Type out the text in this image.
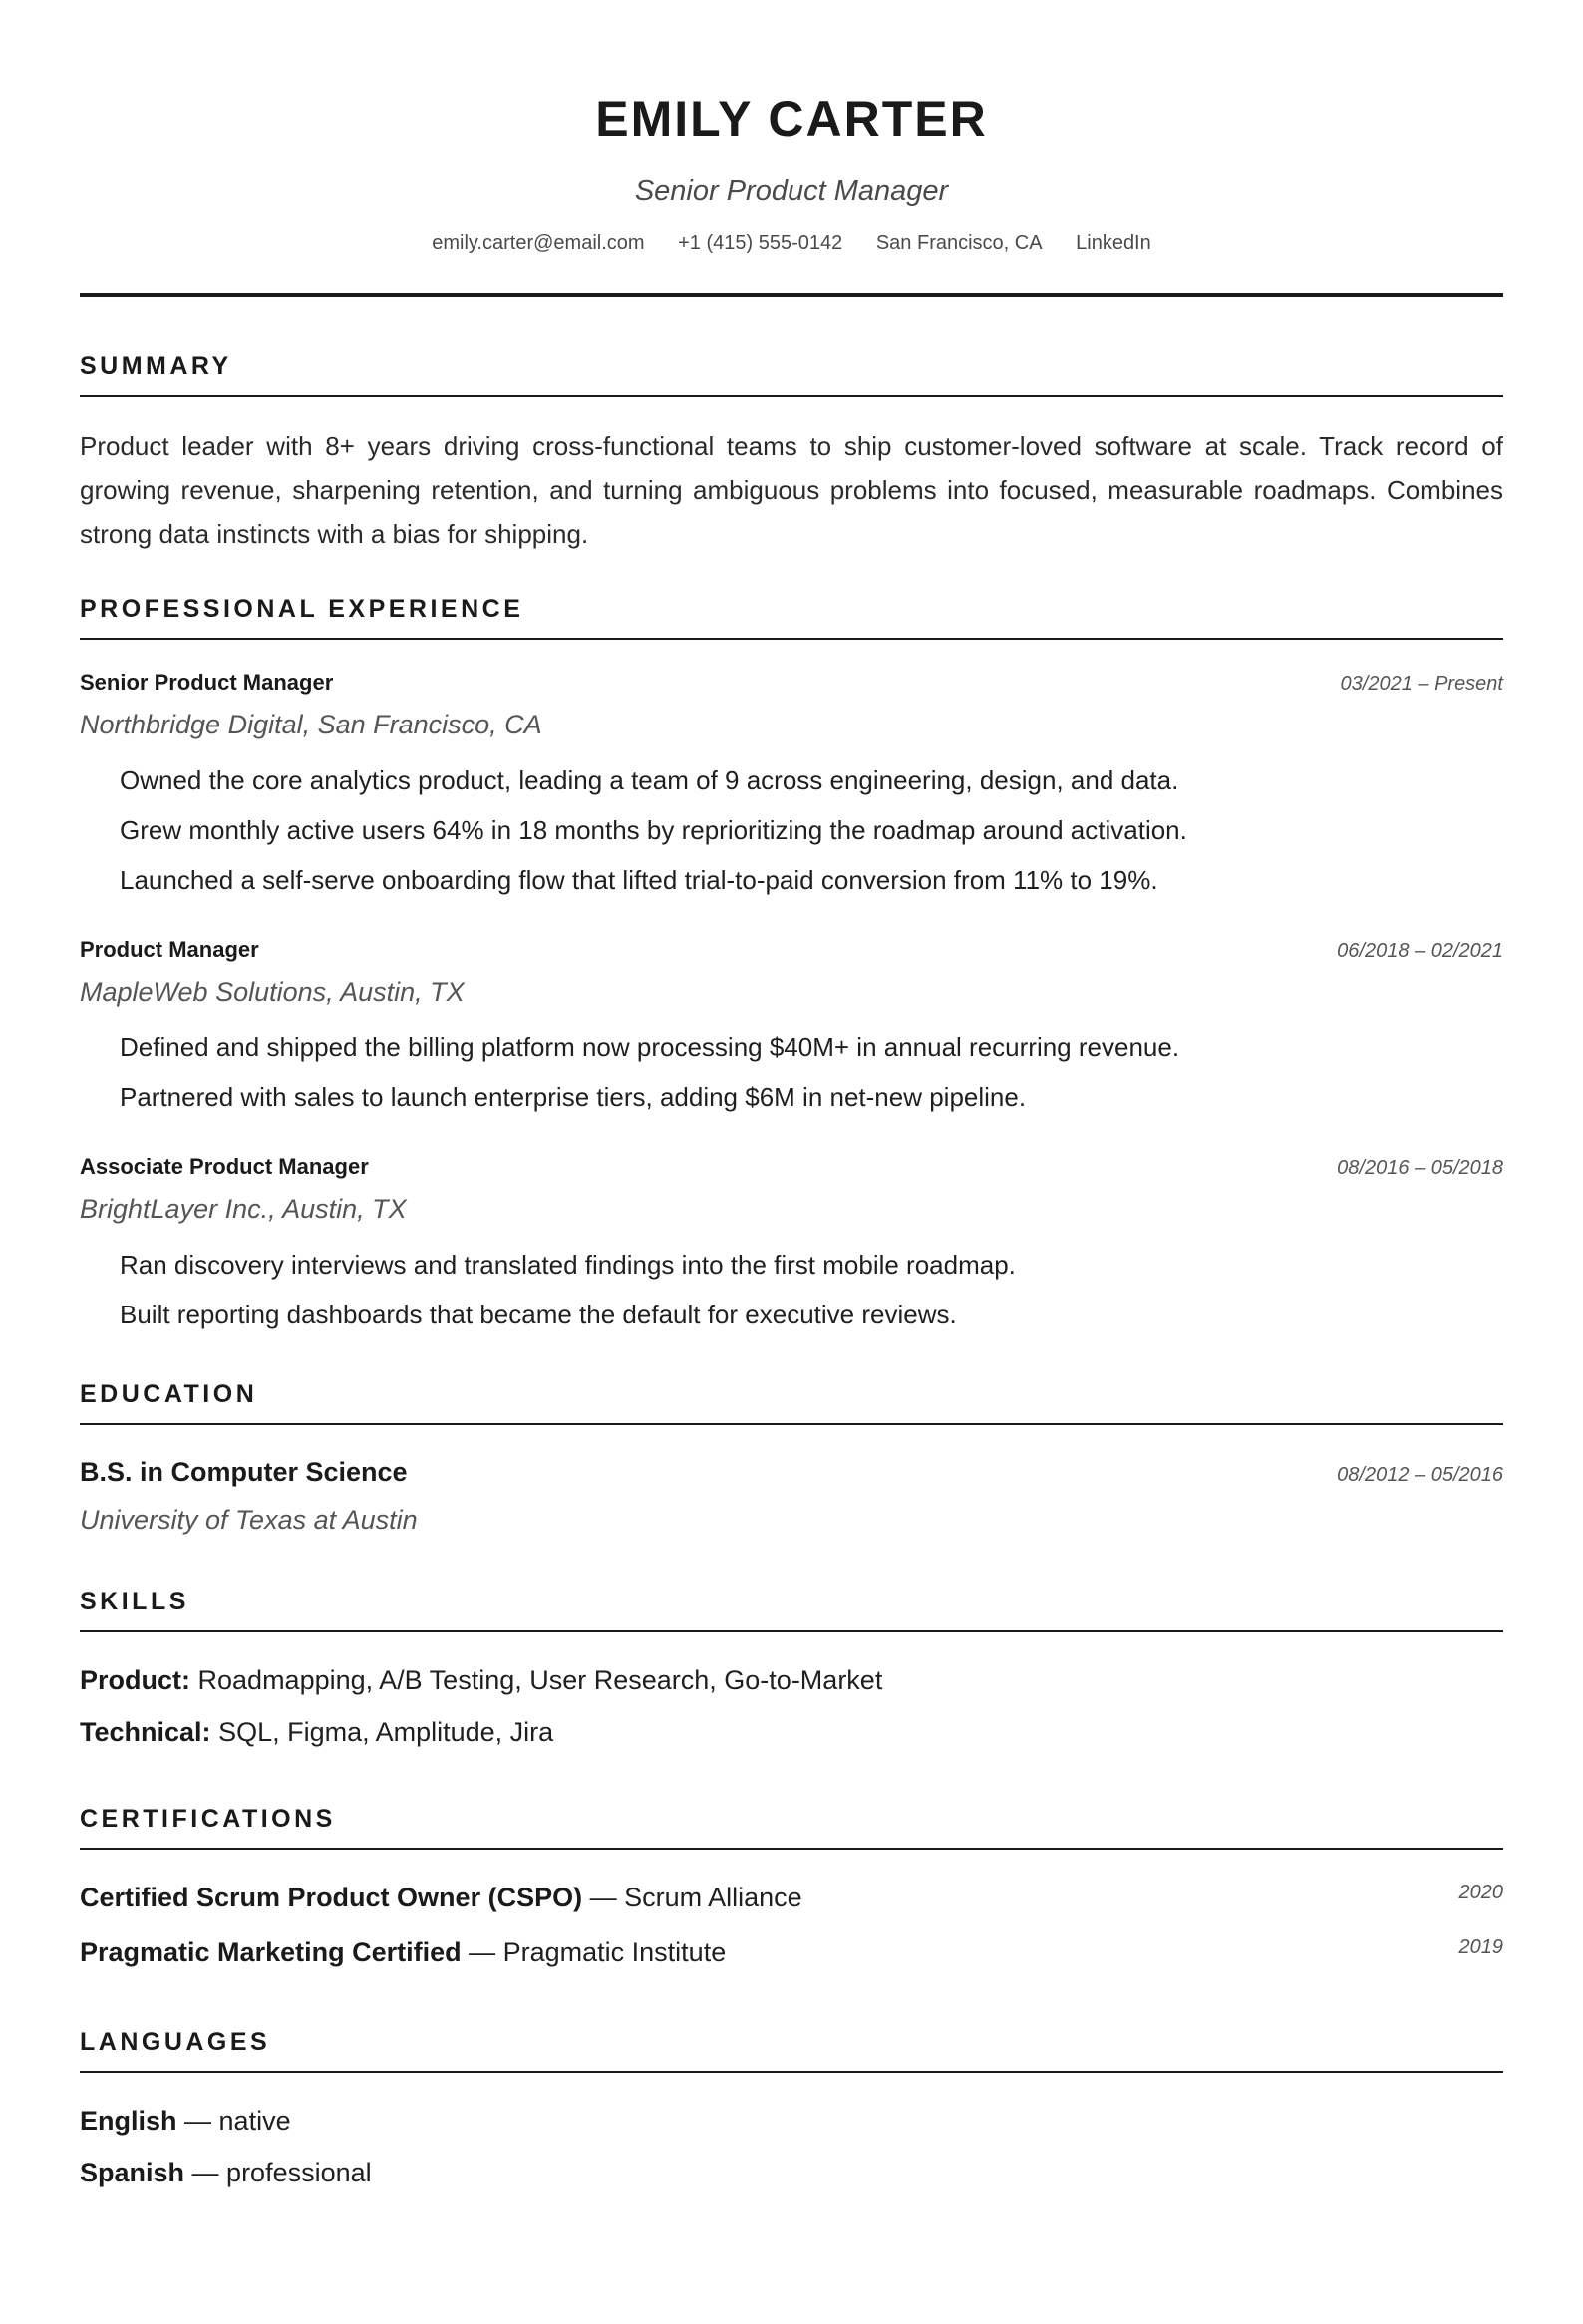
EMILY CARTER
Senior Product Manager
emily.carter@email.com +1 (415) 555-0142 San Francisco, CA LinkedIn
SUMMARY

Product leader with 8+ years driving cross-functional teams to ship customer-loved software at scale. Track record of growing revenue, sharpening retention, and turning ambiguous problems into focused, measurable roadmaps. Combines strong data instincts with a bias for shipping.

PROFESSIONAL EXPERIENCE
Senior Product Manager	03/2021 – Present
Northbridge Digital, San Francisco, CA
Owned the core analytics product, leading a team of 9 across engineering, design, and data.
Grew monthly active users 64% in 18 months by reprioritizing the roadmap around activation.
Launched a self-serve onboarding flow that lifted trial-to-paid conversion from 11% to 19%.
Product Manager	06/2018 – 02/2021
MapleWeb Solutions, Austin, TX
Defined and shipped the billing platform now processing $40M+ in annual recurring revenue.
Partnered with sales to launch enterprise tiers, adding $6M in net-new pipeline.
Associate Product Manager	08/2016 – 05/2018
BrightLayer Inc., Austin, TX
Ran discovery interviews and translated findings into the first mobile roadmap.
Built reporting dashboards that became the default for executive reviews.
EDUCATION
B.S. in Computer Science	08/2012 – 05/2016
University of Texas at Austin
SKILLS
Product: Roadmapping, A/B Testing, User Research, Go-to-Market
Technical: SQL, Figma, Amplitude, Jira
CERTIFICATIONS
Certified Scrum Product Owner (CSPO) — Scrum Alliance	2020
Pragmatic Marketing Certified — Pragmatic Institute	2019
LANGUAGES
English — native
Spanish — professional
